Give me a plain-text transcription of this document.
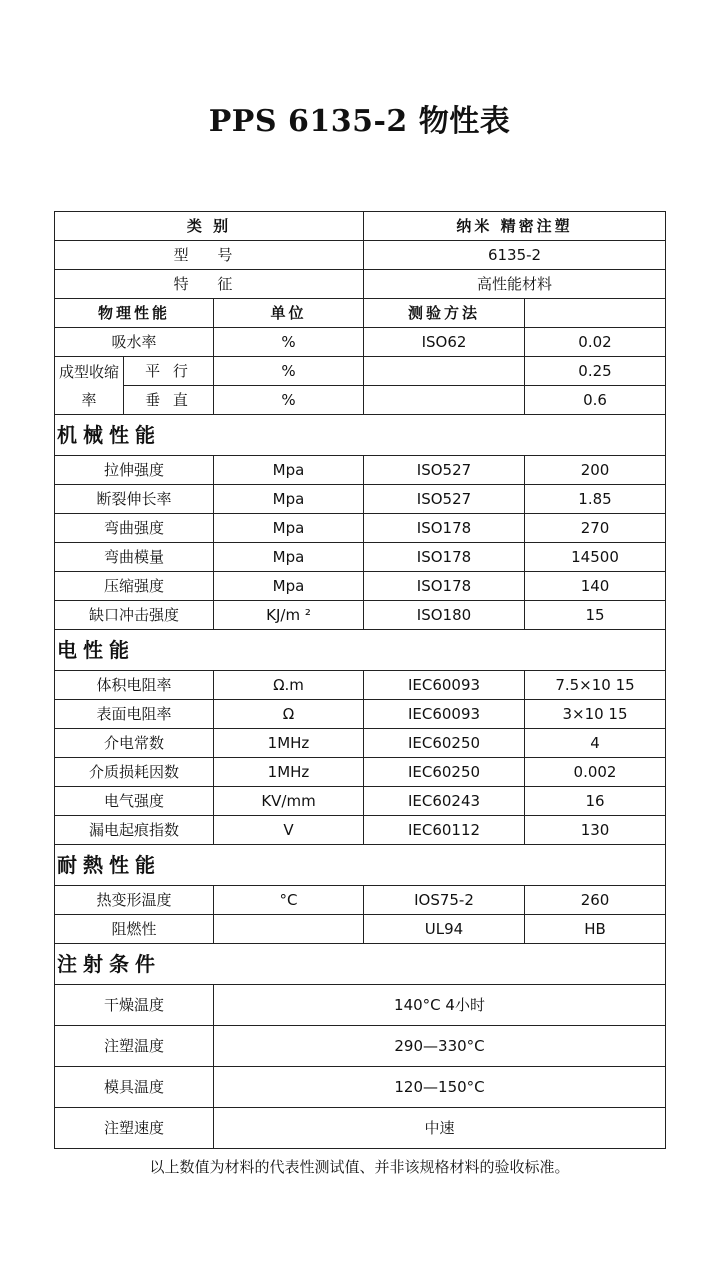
PPS 6135-2 物性表
类 别			纳米 精密注塑	
型 号			6135-2	
特 征			高性能材料	
物理性能		单位	测验方法	
吸水率		%	ISO62	0.02
成型收缩率	平 行	%		0.25
	垂 直	%		0.6
机械性能				
拉伸强度		Mpa	ISO527	200
断裂伸长率		Mpa	ISO527	1.85
弯曲强度		Mpa	ISO178	270
弯曲模量		Mpa	ISO178	14500
压缩强度		Mpa	ISO178	140
缺口冲击强度		KJ/m ²	ISO180	15
电性能				
体积电阻率		Ω.m	IEC60093	7.5×10 15
表面电阻率		Ω	IEC60093	3×10 15
介电常数		1MHz	IEC60250	4
介质损耗因数		1MHz	IEC60250	0.002
电气强度		KV/mm	IEC60243	16
漏电起痕指数		V	IEC60112	130
耐熱性能				
热变形温度		°C	IOS75-2	260
阻燃性			UL94	HB
注射条件				
干燥温度		140°C 4小时		
注塑温度		290—330°C		
模具温度		120—150°C		
注塑速度		中速		
以上数值为材料的代表性测试值、并非该规格材料的验收标准。
